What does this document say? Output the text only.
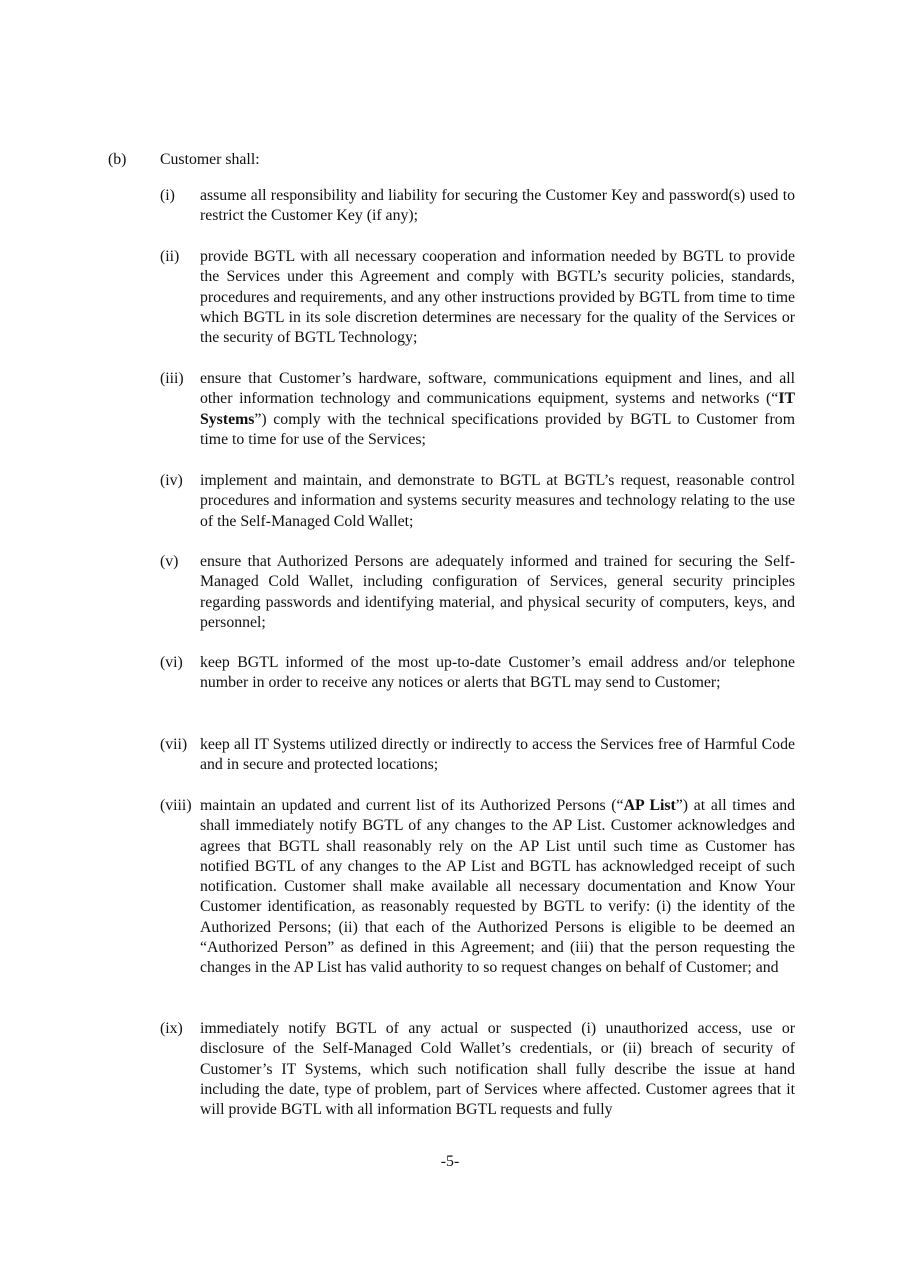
(b) Customer shall:
(i) assume all responsibility and liability for securing the Customer Key and password(s) used to restrict the Customer Key (if any);
(ii) provide BGTL with all necessary cooperation and information needed by BGTL to provide the Services under this Agreement and comply with BGTL’s security policies, standards, procedures and requirements, and any other instructions provided by BGTL from time to time which BGTL in its sole discretion determines are necessary for the quality of the Services or the security of BGTL Technology;
(iii) ensure that Customer’s hardware, software, communications equipment and lines, and all other information technology and communications equipment, systems and networks (“IT Systems”) comply with the technical specifications provided by BGTL to Customer from time to time for use of the Services;
(iv) implement and maintain, and demonstrate to BGTL at BGTL’s request, reasonable control procedures and information and systems security measures and technology relating to the use of the Self-Managed Cold Wallet;
(v) ensure that Authorized Persons are adequately informed and trained for securing the Self-Managed Cold Wallet, including configuration of Services, general security principles regarding passwords and identifying material, and physical security of computers, keys, and personnel;
(vi) keep BGTL informed of the most up-to-date Customer’s email address and/or telephone number in order to receive any notices or alerts that BGTL may send to Customer;
(vii) keep all IT Systems utilized directly or indirectly to access the Services free of Harmful Code and in secure and protected locations;
(viii) maintain an updated and current list of its Authorized Persons (“AP List”) at all times and shall immediately notify BGTL of any changes to the AP List. Customer acknowledges and agrees that BGTL shall reasonably rely on the AP List until such time as Customer has notified BGTL of any changes to the AP List and BGTL has acknowledged receipt of such notification. Customer shall make available all necessary documentation and Know Your Customer identification, as reasonably requested by BGTL to verify: (i) the identity of the Authorized Persons; (ii) that each of the Authorized Persons is eligible to be deemed an “Authorized Person” as defined in this Agreement; and (iii) that the person requesting the changes in the AP List has valid authority to so request changes on behalf of Customer; and
(ix) immediately notify BGTL of any actual or suspected (i) unauthorized access, use or disclosure of the Self-Managed Cold Wallet’s credentials, or (ii) breach of security of Customer’s IT Systems, which such notification shall fully describe the issue at hand including the date, type of problem, part of Services where affected. Customer agrees that it will provide BGTL with all information BGTL requests and fully
-5-
